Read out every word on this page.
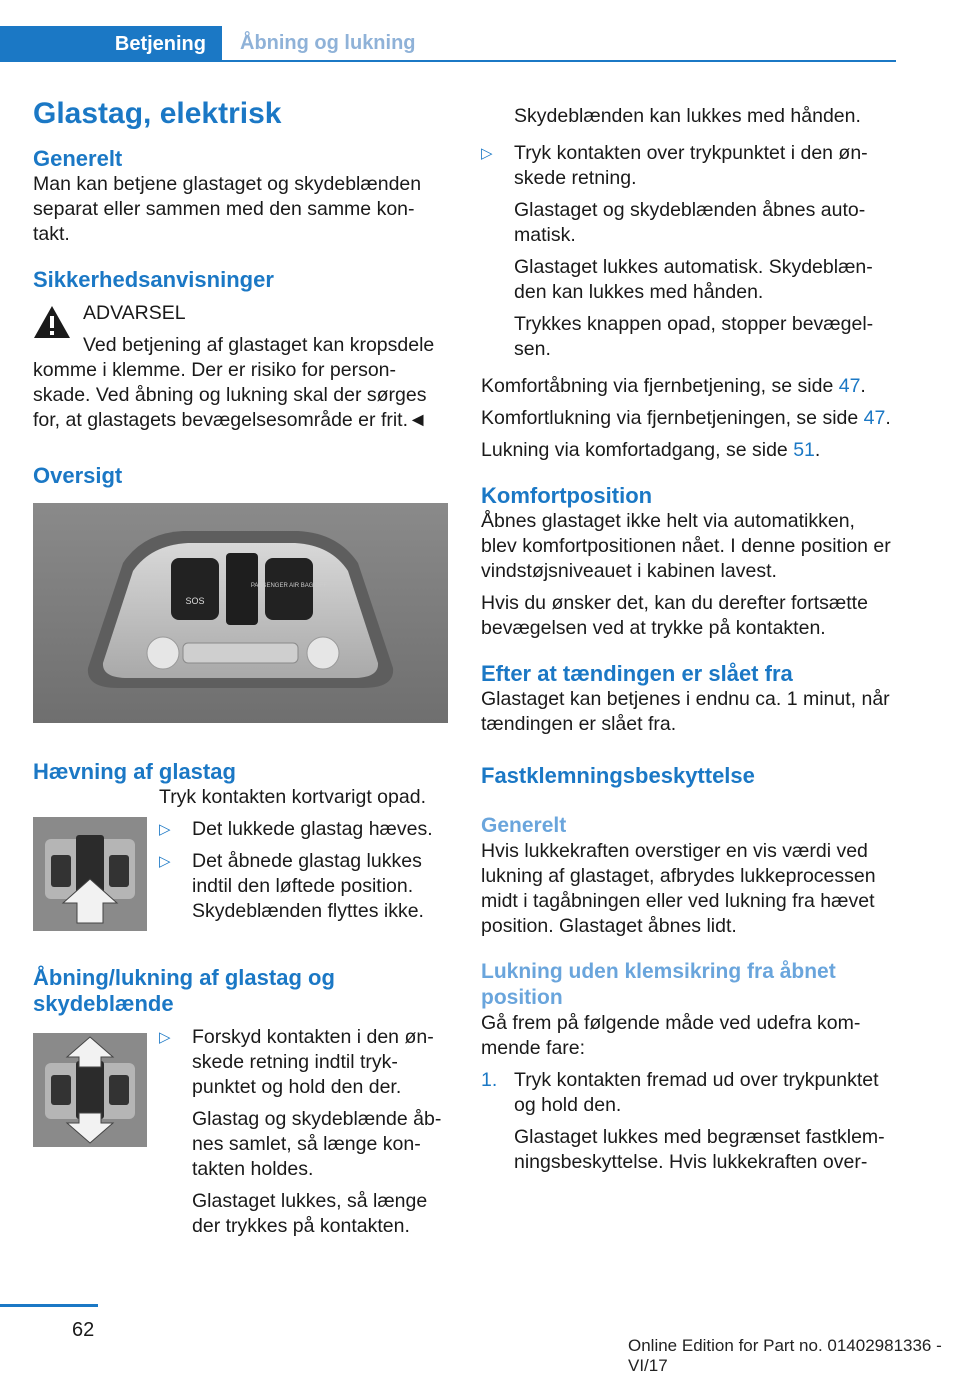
Betjening	Åbning og lukning
Glastag, elektrisk
Generelt

Man kan betjene glastaget og skydeblænden separat eller sammen med den samme kon-takt.

Sikkerhedsanvisninger

ADVARSEL

Ved betjening af glastaget kan kropsdele

komme i klemme. Der er risiko for person-skade. Ved åbning og lukning skal der sørges for, at glastagets bevægelsesområde er frit.◄

Oversigt
SOS
PASSENGER AIR BAG OFF
Hævning af glastag

Tryk kontakten kortvarigt opad.

▷ Det lukkede glastag hæves.
▷ Det åbnede glastag lukkes indtil den løftede position. Skydeblænden flyttes ikke.
Åbning/lukning af glastag og skydeblænde
▷ Forskyd kontakten i den øn-skede retning indtil tryk-punktet og hold den der.
Glastag og skydeblænde åb-nes samlet, så længe kon-takten holdes.
Glastaget lukkes, så længe der trykkes på kontakten.

Skydeblænden kan lukkes med hånden.

▷ Tryk kontakten over trykpunktet i den øn-skede retning.
Glastaget og skydeblænden åbnes auto-matisk.
Glastaget lukkes automatisk. Skydeblæn-den kan lukkes med hånden.
Trykkes knappen opad, stopper bevægel-sen.

Komfortåbning via fjernbetjening, se side 47.

Komfortlukning via fjernbetjeningen, se side 47.

Lukning via komfortadgang, se side 51.

Komfortposition

Åbnes glastaget ikke helt via automatikken, blev komfortpositionen nået. I denne position er vindstøjsniveauet i kabinen lavest.

Hvis du ønsker det, kan du derefter fortsætte bevægelsen ved at trykke på kontakten.

Efter at tændingen er slået fra

Glastaget kan betjenes i endnu ca. 1 minut, når tændingen er slået fra.

Fastklemningsbeskyttelse
Generelt

Hvis lukkekraften overstiger en vis værdi ved lukning af glastaget, afbrydes lukkeprocessen midt i tagåbningen eller ved lukning fra hævet position. Glastaget åbnes lidt.

Lukning uden klemsikring fra åbnet position

Gå frem på følgende måde ved udefra kom-mende fare:

1. Tryk kontakten fremad ud over trykpunktet og hold den.
Glastaget lukkes med begrænset fastklem-ningsbeskyttelse. Hvis lukkekraften over-
62
Online Edition for Part no. 01402981336 - VI/17
